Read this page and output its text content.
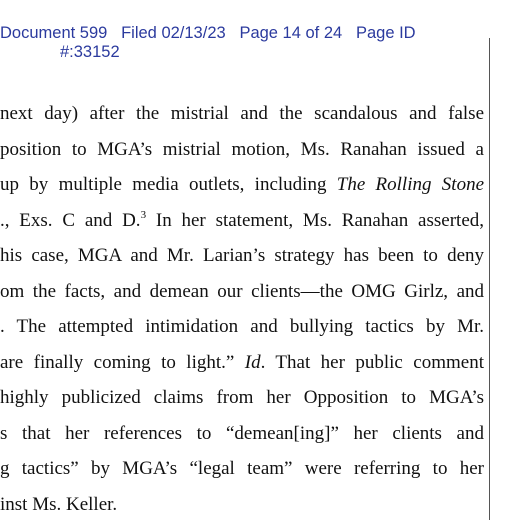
Document 599 Filed 02/13/23 Page 14 of 24 Page ID
#:33152
next day) after the mistrial and the scandalous and false
position to MGA’s mistrial motion, Ms. Ranahan issued a
up by multiple media outlets, including The Rolling Stone
., Exs. C and D.$^3$ In her statement, Ms. Ranahan asserted,
his case, MGA and Mr. Larian’s strategy has been to deny
om the facts, and demean our clients—the OMG Girlz, and
. The attempted intimidation and bullying tactics by Mr.
are finally coming to light.” Id. That her public comment
highly publicized claims from her Opposition to MGA’s
s that her references to “demean[ing]” her clients and
g tactics” by MGA’s “legal team” were referring to her
inst Ms. Keller.
